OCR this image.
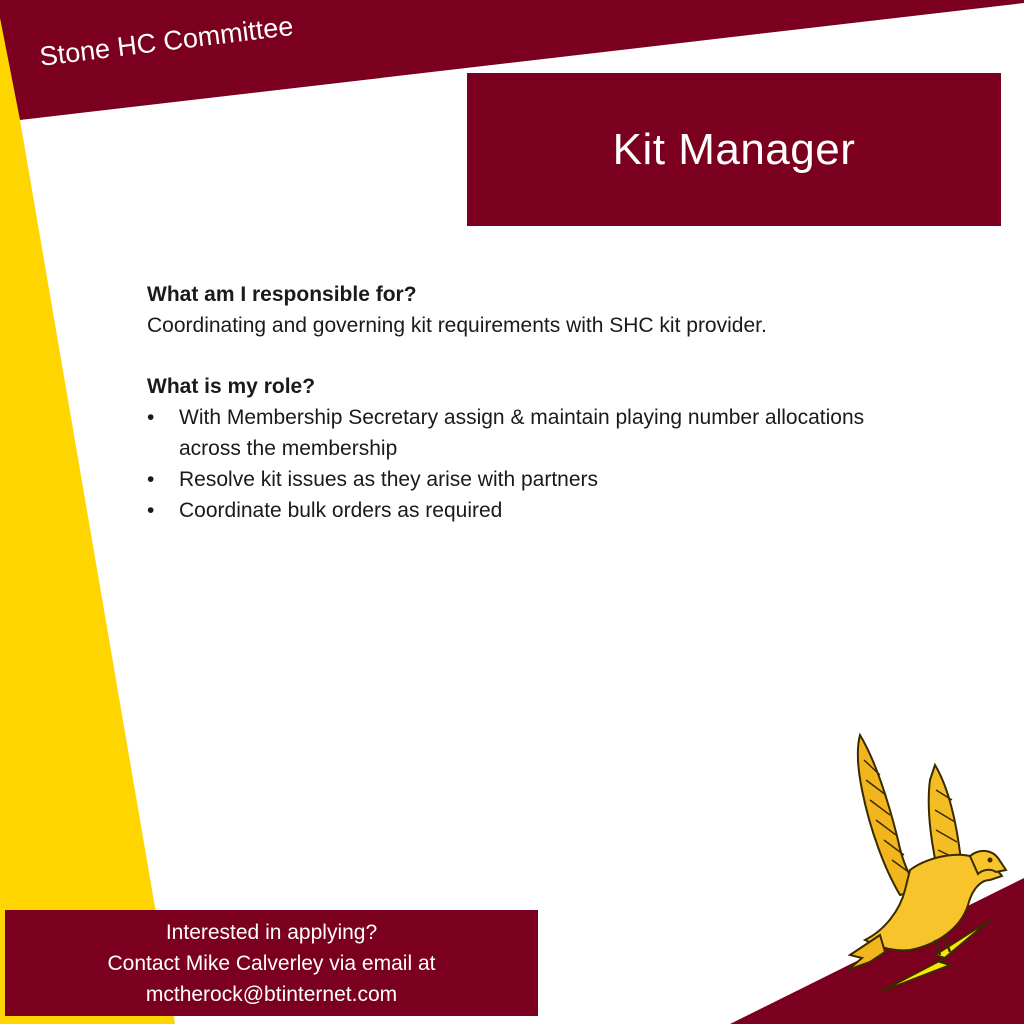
Stone HC Committee
Kit Manager

What am I responsible for?

Coordinating and governing kit requirements with SHC kit provider.

What is my role?

• With Membership Secretary assign & maintain playing number allocations across the membership
• Resolve kit issues as they arise with partners
• Coordinate bulk orders as required
Interested in applying?
Contact Mike Calverley via email at
mctherock@btinternet.com
